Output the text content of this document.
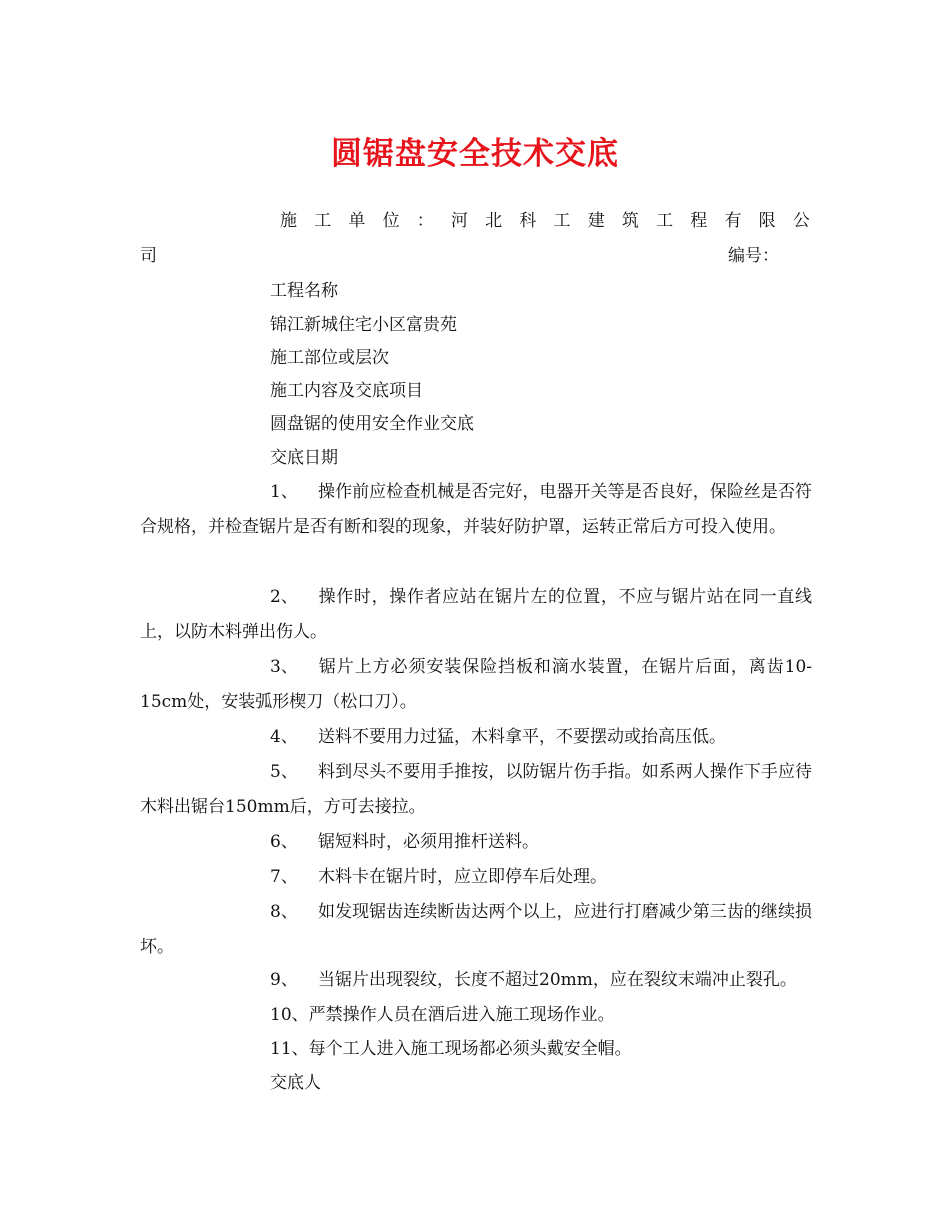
圆锯盘安全技术交底
施 工 单 位 ： 河 北 科 工 建 筑 工 程 有 限 公
司	编号：
工程名称
锦江新城住宅小区富贵苑
施工部位或层次
施工内容及交底项目
圆盘锯的使用安全作业交底
交底日期
1、 操作前应检查机械是否完好，电器开关等是否良好，保险丝是否符合规格，并检查锯片是否有断和裂的现象，并装好防护罩，运转正常后方可投入使用。
2、 操作时，操作者应站在锯片左的位置，不应与锯片站在同一直线上，以防木料弹出伤人。
3、 锯片上方必须安装保险挡板和滴水装置，在锯片后面，离齿10-15cm处，安装弧形楔刀（松口刀）。
4、 送料不要用力过猛，木料拿平，不要摆动或抬高压低。
5、 料到尽头不要用手推按，以防锯片伤手指。如系两人操作下手应待木料出锯台150mm后，方可去接拉。
6、 锯短料时，必须用推杆送料。
7、 木料卡在锯片时，应立即停车后处理。
8、 如发现锯齿连续断齿达两个以上，应进行打磨减少第三齿的继续损坏。
9、 当锯片出现裂纹，长度不超过20mm，应在裂纹末端冲止裂孔。
10、严禁操作人员在酒后进入施工现场作业。
11、每个工人进入施工现场都必须头戴安全帽。
交底人
